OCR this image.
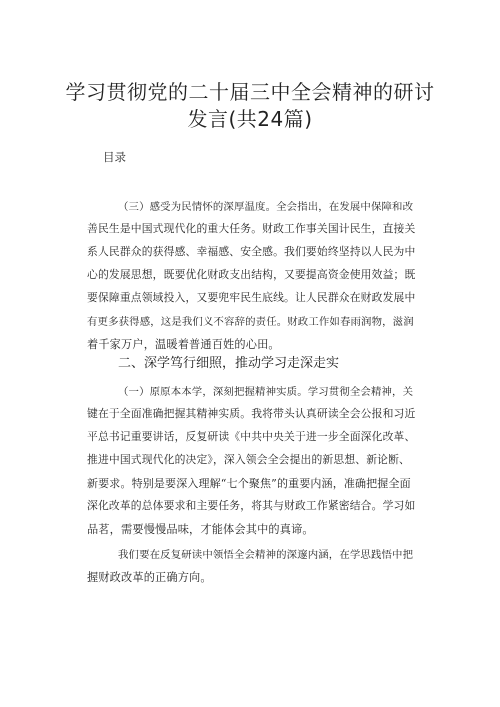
学习贯彻党的二十届三中全会精神的研讨
发言(共24篇)
目录
（三）感受为民情怀的深厚温度。全会指出，在发展中保障和改
善民生是中国式现代化的重大任务。财政工作事关国计民生，直接关
系人民群众的获得感、幸福感、安全感。我们要始终坚持以人民为中
心的发展思想，既要优化财政支出结构，又要提高资金使用效益；既
要保障重点领域投入，又要兜牢民生底线。让人民群众在财政发展中
有更多获得感，这是我们义不容辞的责任。财政工作如春雨润物，滋润
着千家万户，温暖着普通百姓的心田。
二、深学笃行细照，推动学习走深走实
（一）原原本本学，深刻把握精神实质。学习贯彻全会精神，关
键在于全面准确把握其精神实质。我将带头认真研读全会公报和习近
平总书记重要讲话，反复研读《中共中央关于进一步全面深化改革、
推进中国式现代化的决定》，深入领会全会提出的新思想、新论断、
新要求。特别是要深入理解“七个聚焦”的重要内涵，准确把握全面
深化改革的总体要求和主要任务，将其与财政工作紧密结合。学习如
品茗，需要慢慢品味，才能体会其中的真谛。
我们要在反复研读中领悟全会精神的深邃内涵，在学思践悟中把
握财政改革的正确方向。
